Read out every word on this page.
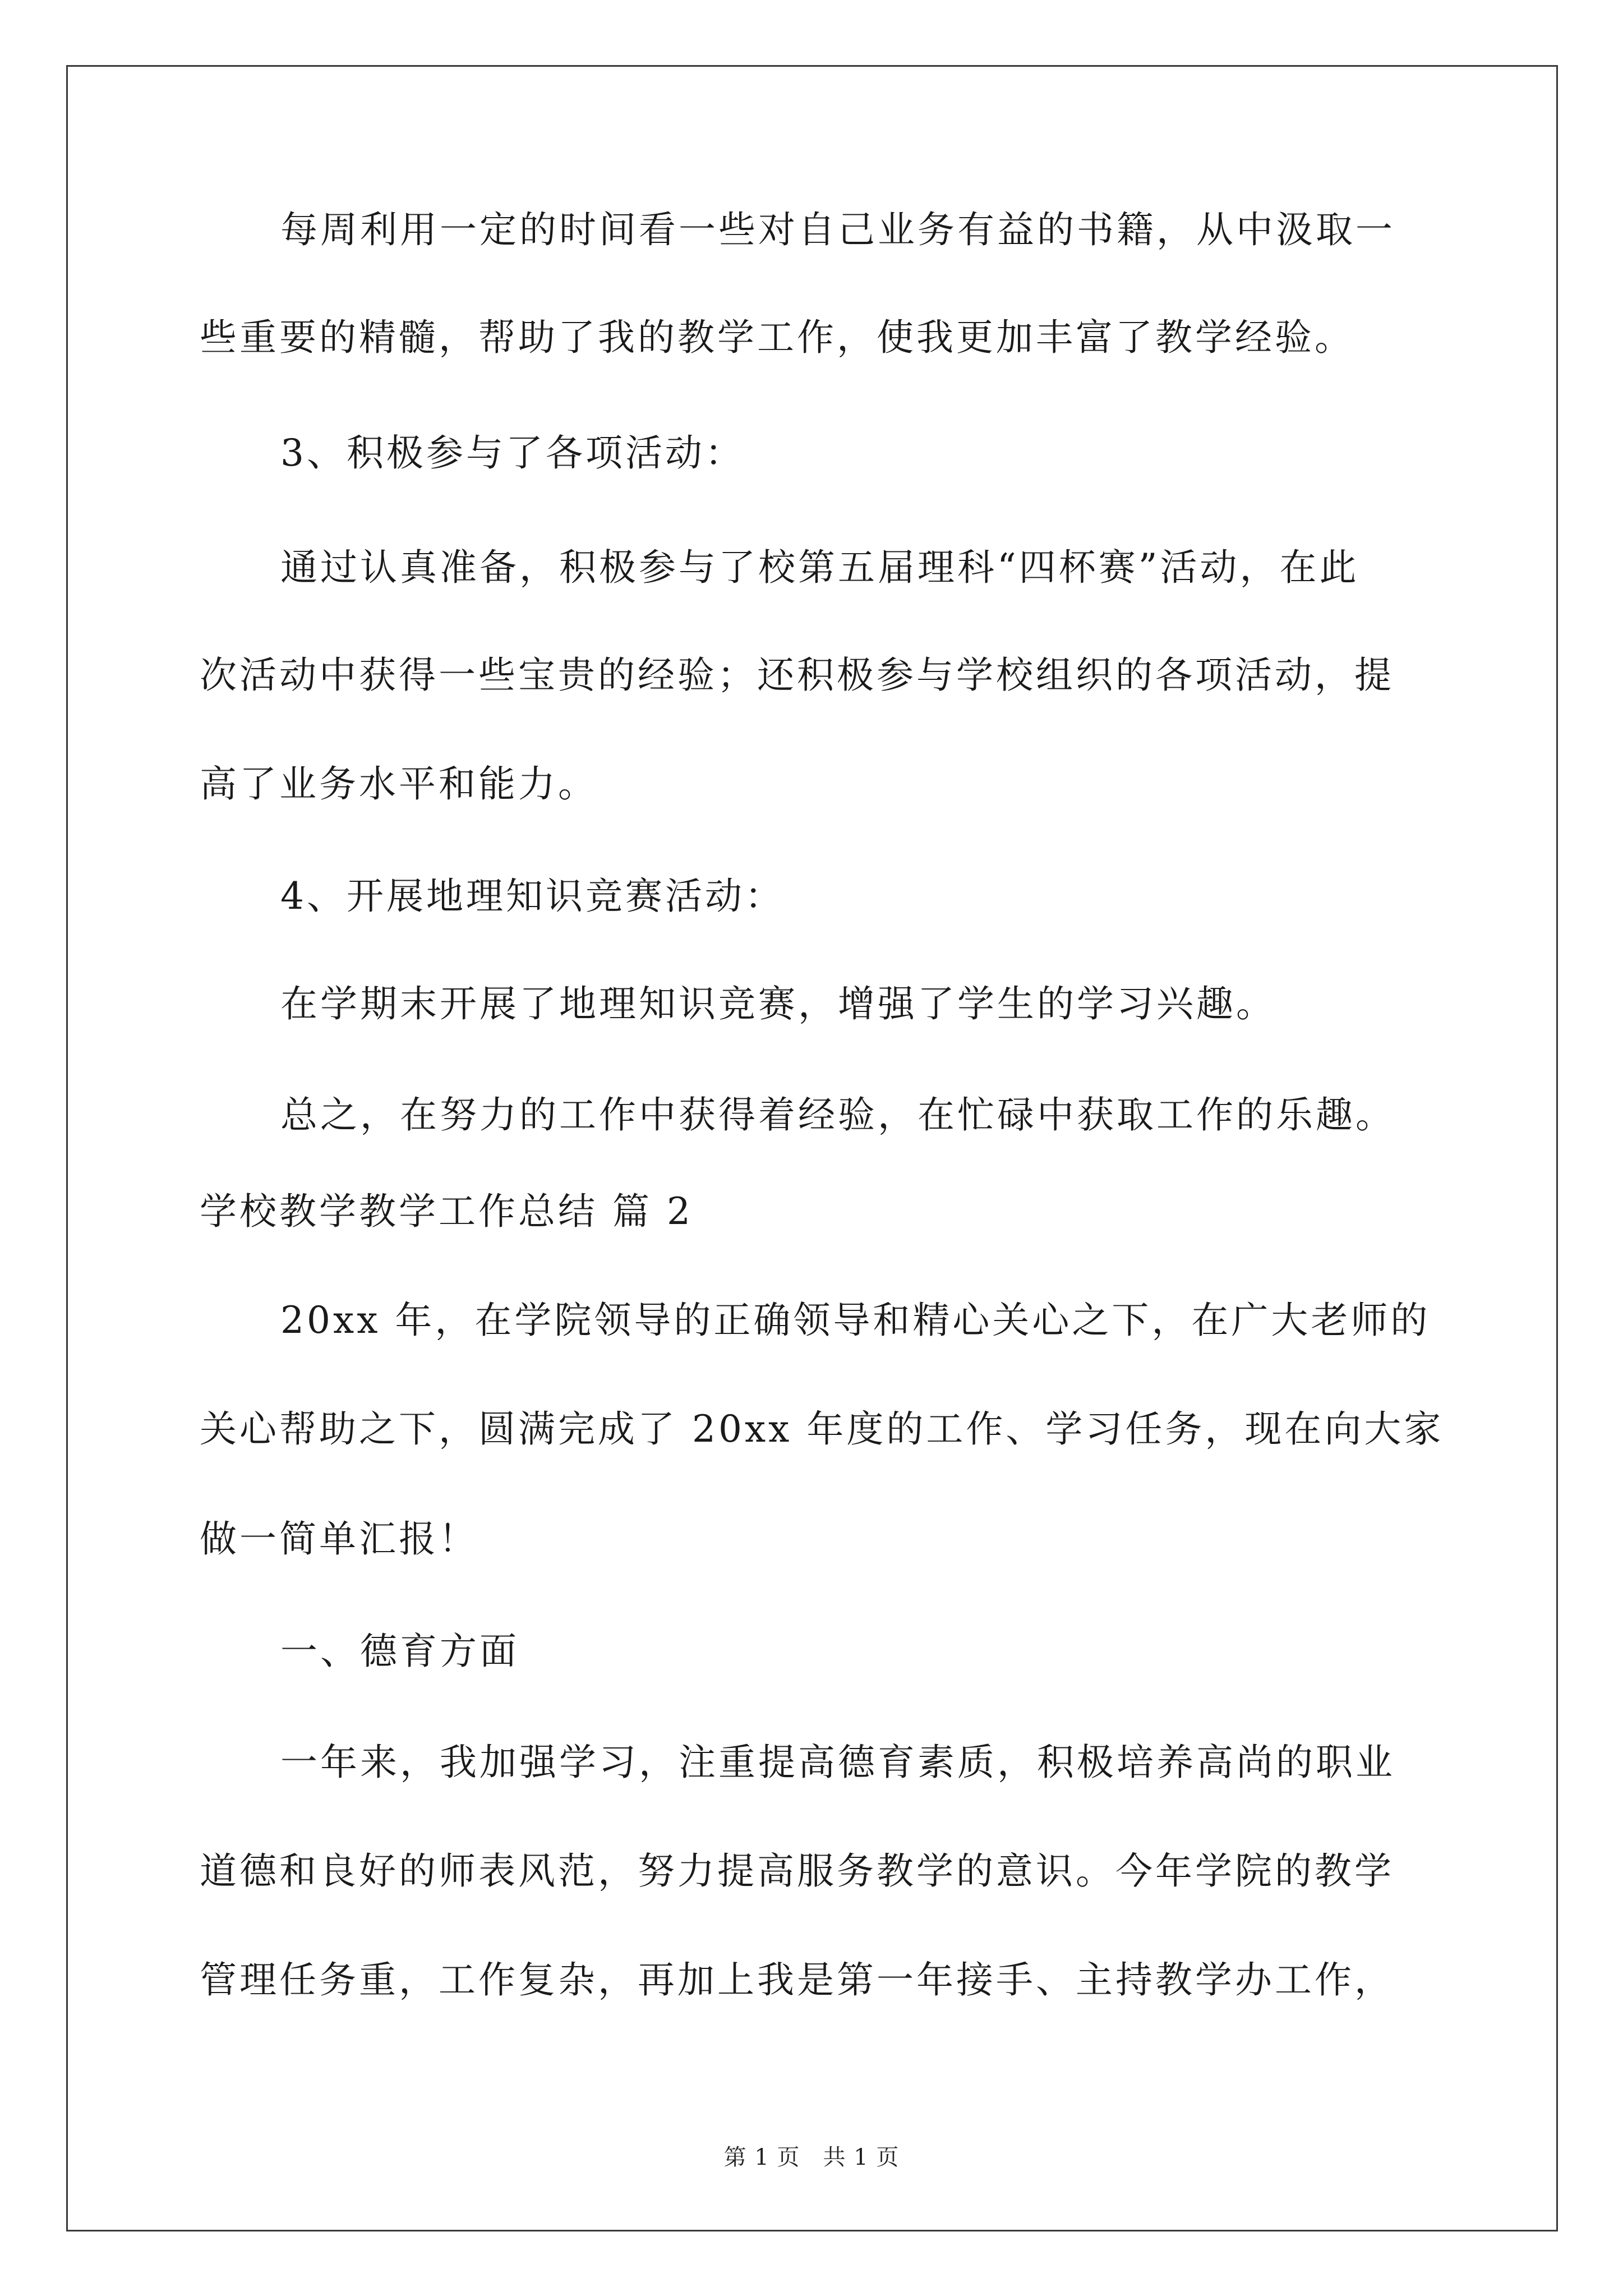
每周利用一定的时间看一些对自己业务有益的书籍，从中汲取一
些重要的精髓，帮助了我的教学工作，使我更加丰富了教学经验。
3、积极参与了各项活动：
通过认真准备，积极参与了校第五届理科“四杯赛”活动，在此
次活动中获得一些宝贵的经验；还积极参与学校组织的各项活动，提
高了业务水平和能力。
4、开展地理知识竞赛活动：
在学期末开展了地理知识竞赛，增强了学生的学习兴趣。
总之，在努力的工作中获得着经验，在忙碌中获取工作的乐趣。
学校教学教学工作总结 篇 2
20xx 年，在学院领导的正确领导和精心关心之下，在广大老师的
关心帮助之下，圆满完成了 20xx 年度的工作、学习任务，现在向大家
做一简单汇报！
一、德育方面
一年来，我加强学习，注重提高德育素质，积极培养高尚的职业
道德和良好的师表风范，努力提高服务教学的意识。今年学院的教学
管理任务重，工作复杂，再加上我是第一年接手、主持教学办工作，
第 1 页　共 1 页
